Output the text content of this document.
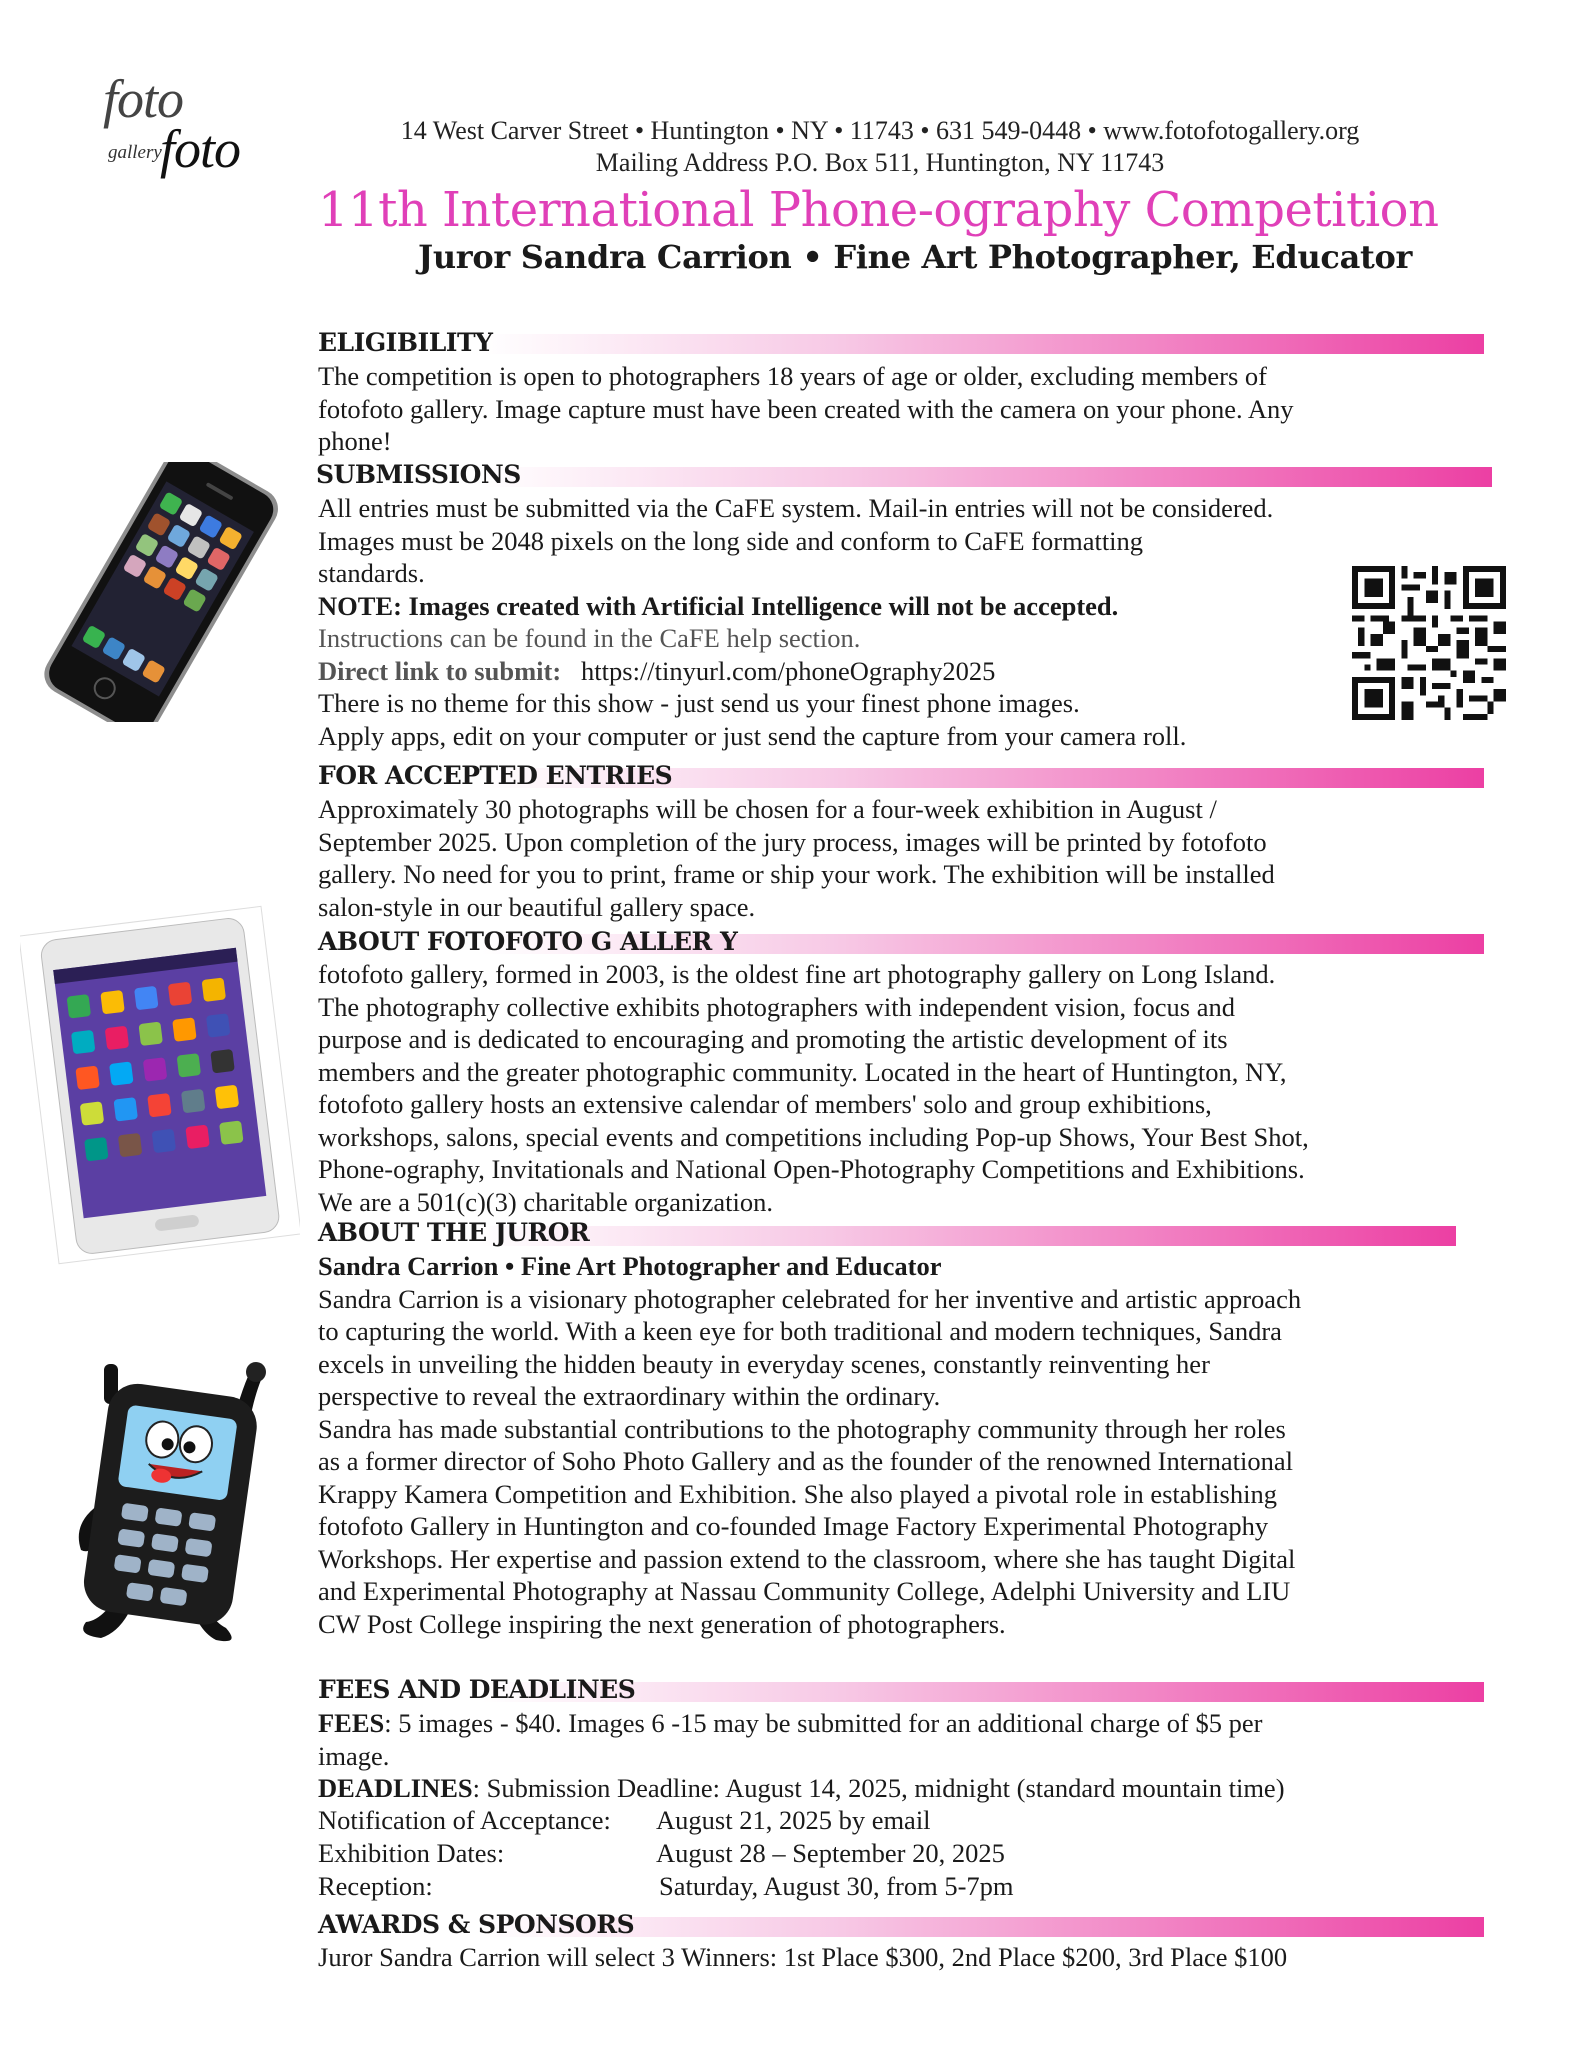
foto
gallery
foto	14 West Carver Street • Huntington • NY • 11743 • 631 549-0448 • www.fotofotogallery.org
Mailing Address P.O. Box 511, Huntington, NY 11743
11th International Phone-ography Competition
Juror Sandra Carrion • Fine Art Photographer, Educator
ELIGIBILITY
The competition is open to photographers 18 years of age or older, excluding members of
fotofoto gallery. Image capture must have been created with the camera on your phone. Any
phone!
SUBMISSIONS
All entries must be submitted via the CaFE system. Mail-in entries will not be considered.
Images must be 2048 pixels on the long side and conform to CaFE formatting
standards.
NOTE: Images created with Artificial Intelligence will not be accepted.
Instructions can be found in the CaFE help section.
Direct link to submit: https://tinyurl.com/phoneOgraphy2025
There is no theme for this show - just send us your finest phone images.
Apply apps, edit on your computer or just send the capture from your camera roll.
FOR ACCEPTED ENTRIES
Approximately 30 photographs will be chosen for a four-week exhibition in August /
September 2025. Upon completion of the jury process, images will be printed by fotofoto
gallery. No need for you to print, frame or ship your work. The exhibition will be installed
salon-style in our beautiful gallery space.
ABOUT FOTOFOTO G ALLER Y
fotofoto gallery, formed in 2003, is the oldest fine art photography gallery on Long Island.
The photography collective exhibits photographers with independent vision, focus and
purpose and is dedicated to encouraging and promoting the artistic development of its
members and the greater photographic community. Located in the heart of Huntington, NY,
fotofoto gallery hosts an extensive calendar of members' solo and group exhibitions,
workshops, salons, special events and competitions including Pop-up Shows, Your Best Shot,
Phone-ography, Invitationals and National Open-Photography Competitions and Exhibitions.
We are a 501(c)(3) charitable organization.
ABOUT THE JUROR
Sandra Carrion • Fine Art Photographer and Educator
Sandra Carrion is a visionary photographer celebrated for her inventive and artistic approach
to capturing the world. With a keen eye for both traditional and modern techniques, Sandra
excels in unveiling the hidden beauty in everyday scenes, constantly reinventing her
perspective to reveal the extraordinary within the ordinary.
Sandra has made substantial contributions to the photography community through her roles
as a former director of Soho Photo Gallery and as the founder of the renowned International
Krappy Kamera Competition and Exhibition. She also played a pivotal role in establishing
fotofoto Gallery in Huntington and co-founded Image Factory Experimental Photography
Workshops. Her expertise and passion extend to the classroom, where she has taught Digital
and Experimental Photography at Nassau Community College, Adelphi University and LIU
CW Post College inspiring the next generation of photographers.
FEES AND DEADLINES
FEES: 5 images - $40. Images 6 -15 may be submitted for an additional charge of $5 per
image.
DEADLINES: Submission Deadline: August 14, 2025, midnight (standard mountain time)
Notification of Acceptance: August 21, 2025 by email
Exhibition Dates:	August 28 – September 20, 2025
Reception:	Saturday, August 30, from 5-7pm
AWARDS & SPONSORS
Juror Sandra Carrion will select 3 Winners: 1st Place $300, 2nd Place $200, 3rd Place $100
